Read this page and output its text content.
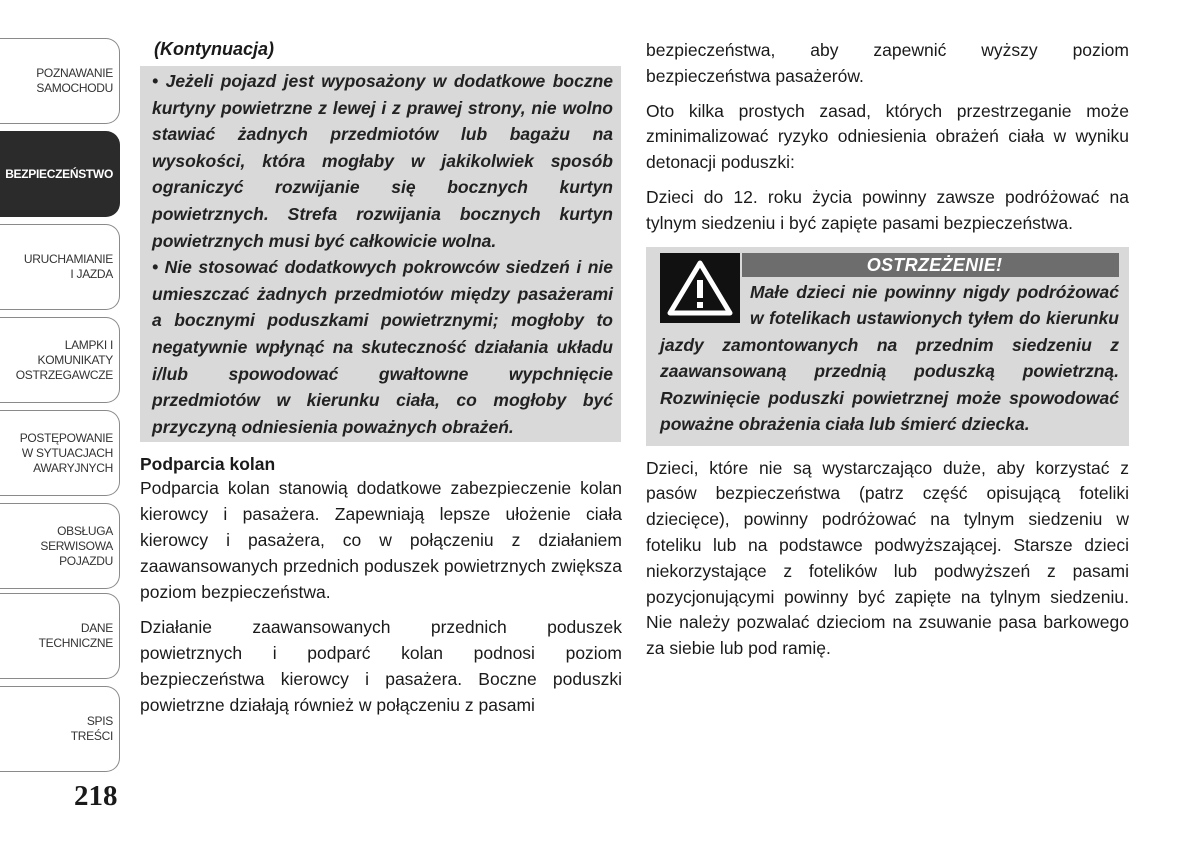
POZNAWANIE
SAMOCHODU
BEZPIECZEŃSTWO
URUCHAMIANIE
I JAZDA
LAMPKI I
KOMUNIKATY
OSTRZEGAWCZE
POSTĘPOWANIE
W SYTUACJACH
AWARYJNYCH
OBSŁUGA
SERWISOWA
POJAZDU
DANE
TECHNICZNE
SPIS
TREŚCI
218
(Kontynuacja)

• Jeżeli pojazd jest wyposażony w dodatkowe boczne kurtyny powietrzne z lewej i z prawej strony, nie wolno stawiać żadnych przedmiotów lub bagażu na wysokości, która mogłaby w jakikolwiek sposób ograniczyć rozwijanie się bocznych kurtyn powietrznych. Strefa rozwijania bocznych kurtyn powietrznych musi być całkowicie wolna.

• Nie stosować dodatkowych pokrowców siedzeń i nie umieszczać żadnych przedmiotów między pasażerami a bocznymi poduszkami powietrznymi; mogłoby to negatywnie wpłynąć na skuteczność działania układu i/lub spowodować gwałtowne wypchnięcie przedmiotów w kierunku ciała, co mogłoby być przyczyną odniesienia poważnych obrażeń.

Podparcia kolan

Podparcia kolan stanowią dodatkowe zabezpieczenie kolan kierowcy i pasażera. Zapewniają lepsze ułożenie ciała kierowcy i pasażera, co w połączeniu z działaniem zaawansowanych przednich poduszek powietrznych zwiększa poziom bezpieczeństwa.

Działanie zaawansowanych przednich poduszek powietrznych i podparć kolan podnosi poziom bezpieczeństwa kierowcy i pasażera. Boczne poduszki powietrzne działają również w połączeniu z pasami

bezpieczeństwa, aby zapewnić wyższy poziom bezpieczeństwa pasażerów.

Oto kilka prostych zasad, których przestrzeganie może zminimalizować ryzyko odniesienia obrażeń ciała w wyniku detonacji poduszki:

Dzieci do 12. roku życia powinny zawsze podróżować na tylnym siedzeniu i być zapięte pasami bezpieczeństwa.

OSTRZEŻENIE!

Małe dzieci nie powinny nigdy podróżować w fotelikach ustawionych tyłem do kierunku jazdy zamontowanych na przednim siedzeniu z zaawansowaną przednią poduszką powietrzną. Rozwinięcie poduszki powietrznej może spowodować poważne obrażenia ciała lub śmierć dziecka.

Dzieci, które nie są wystarczająco duże, aby korzystać z pasów bezpieczeństwa (patrz część opisującą foteliki dziecięce), powinny podróżować na tylnym siedzeniu w foteliku lub na podstawce podwyższającej. Starsze dzieci niekorzystające z fotelików lub podwyższeń z pasami pozycjonującymi powinny być zapięte na tylnym siedzeniu. Nie należy pozwalać dzieciom na zsuwanie pasa barkowego za siebie lub pod ramię.
